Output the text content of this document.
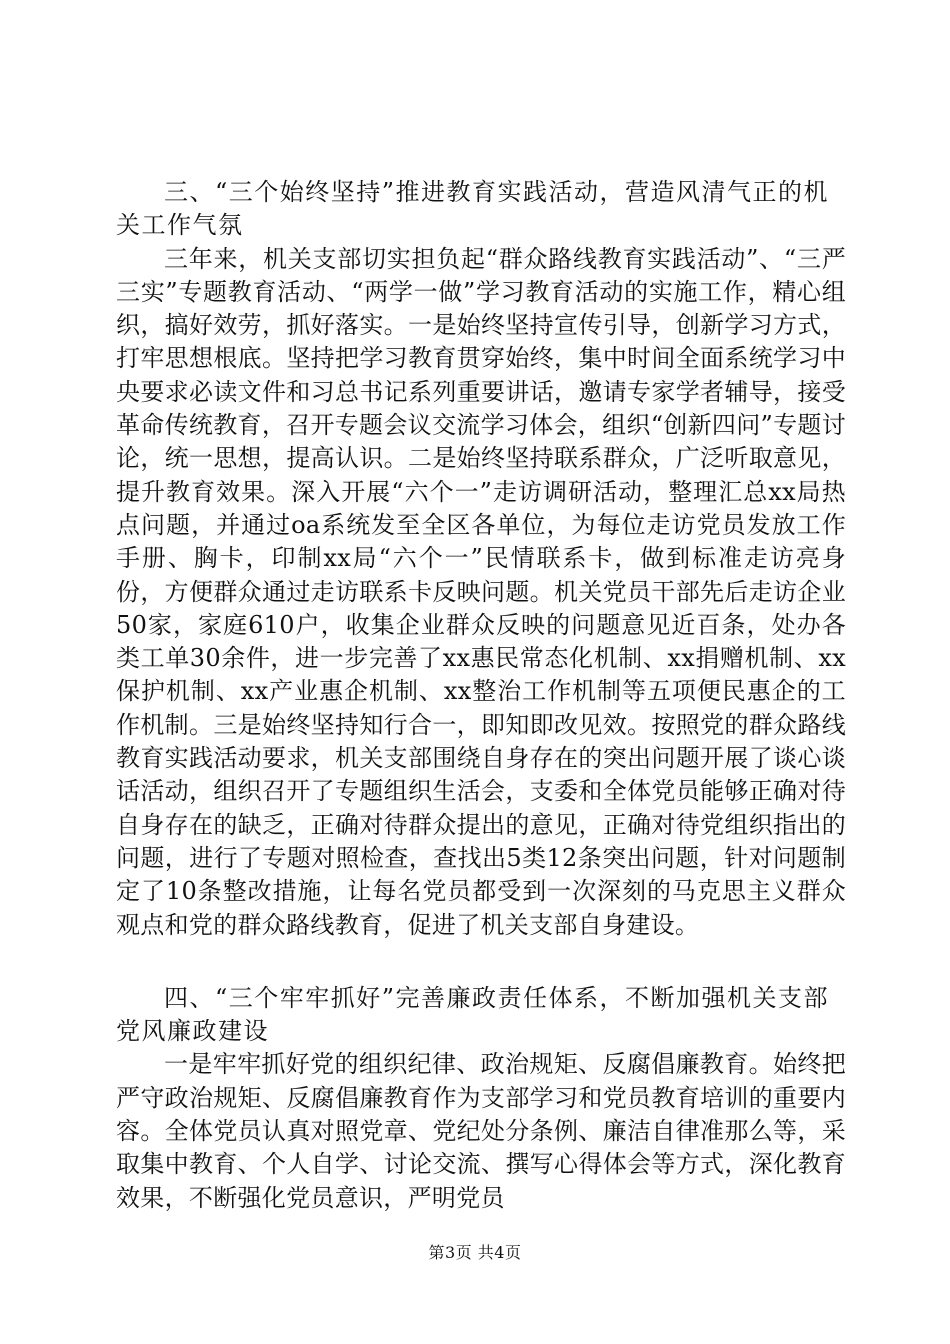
三、“三个始终坚持”推进教育实践活动，营造风清气正的机关工作气氛

三年来，机关支部切实担负起“群众路线教育实践活动”、“三严三实”专题教育活动、“两学一做”学习教育活动的实施工作，精心组织，搞好效劳，抓好落实。一是始终坚持宣传引导，创新学习方式，打牢思想根底。坚持把学习教育贯穿始终，集中时间全面系统学习中央要求必读文件和习总书记系列重要讲话，邀请专家学者辅导，接受革命传统教育，召开专题会议交流学习体会，组织“创新四问”专题讨论，统一思想，提高认识。二是始终坚持联系群众，广泛听取意见，提升教育效果。深入开展“六个一”走访调研活动，整理汇总xx局热点问题，并通过oa系统发至全区各单位，为每位走访党员发放工作手册、胸卡，印制xx局“六个一”民情联系卡，做到标准走访亮身份，方便群众通过走访联系卡反映问题。机关党员干部先后走访企业50家，家庭610户，收集企业群众反映的问题意见近百条，处办各类工单30余件，进一步完善了xx惠民常态化机制、xx捐赠机制、xx保护机制、xx产业惠企机制、xx整治工作机制等五项便民惠企的工作机制。三是始终坚持知行合一，即知即改见效。按照党的群众路线教育实践活动要求，机关支部围绕自身存在的突出问题开展了谈心谈话活动，组织召开了专题组织生活会，支委和全体党员能够正确对待自身存在的缺乏，正确对待群众提出的意见，正确对待党组织指出的问题，进行了专题对照检查，查找出5类12条突出问题，针对问题制定了10条整改措施，让每名党员都受到一次深刻的马克思主义群众观点和党的群众路线教育，促进了机关支部自身建设。

四、“三个牢牢抓好”完善廉政责任体系，不断加强机关支部党风廉政建设

一是牢牢抓好党的组织纪律、政治规矩、反腐倡廉教育。始终把严守政治规矩、反腐倡廉教育作为支部学习和党员教育培训的重要内容。全体党员认真对照党章、党纪处分条例、廉洁自律准那么等，采取集中教育、个人自学、讨论交流、撰写心得体会等方式，深化教育效果，不断强化党员意识，严明党员

第3页 共4页
